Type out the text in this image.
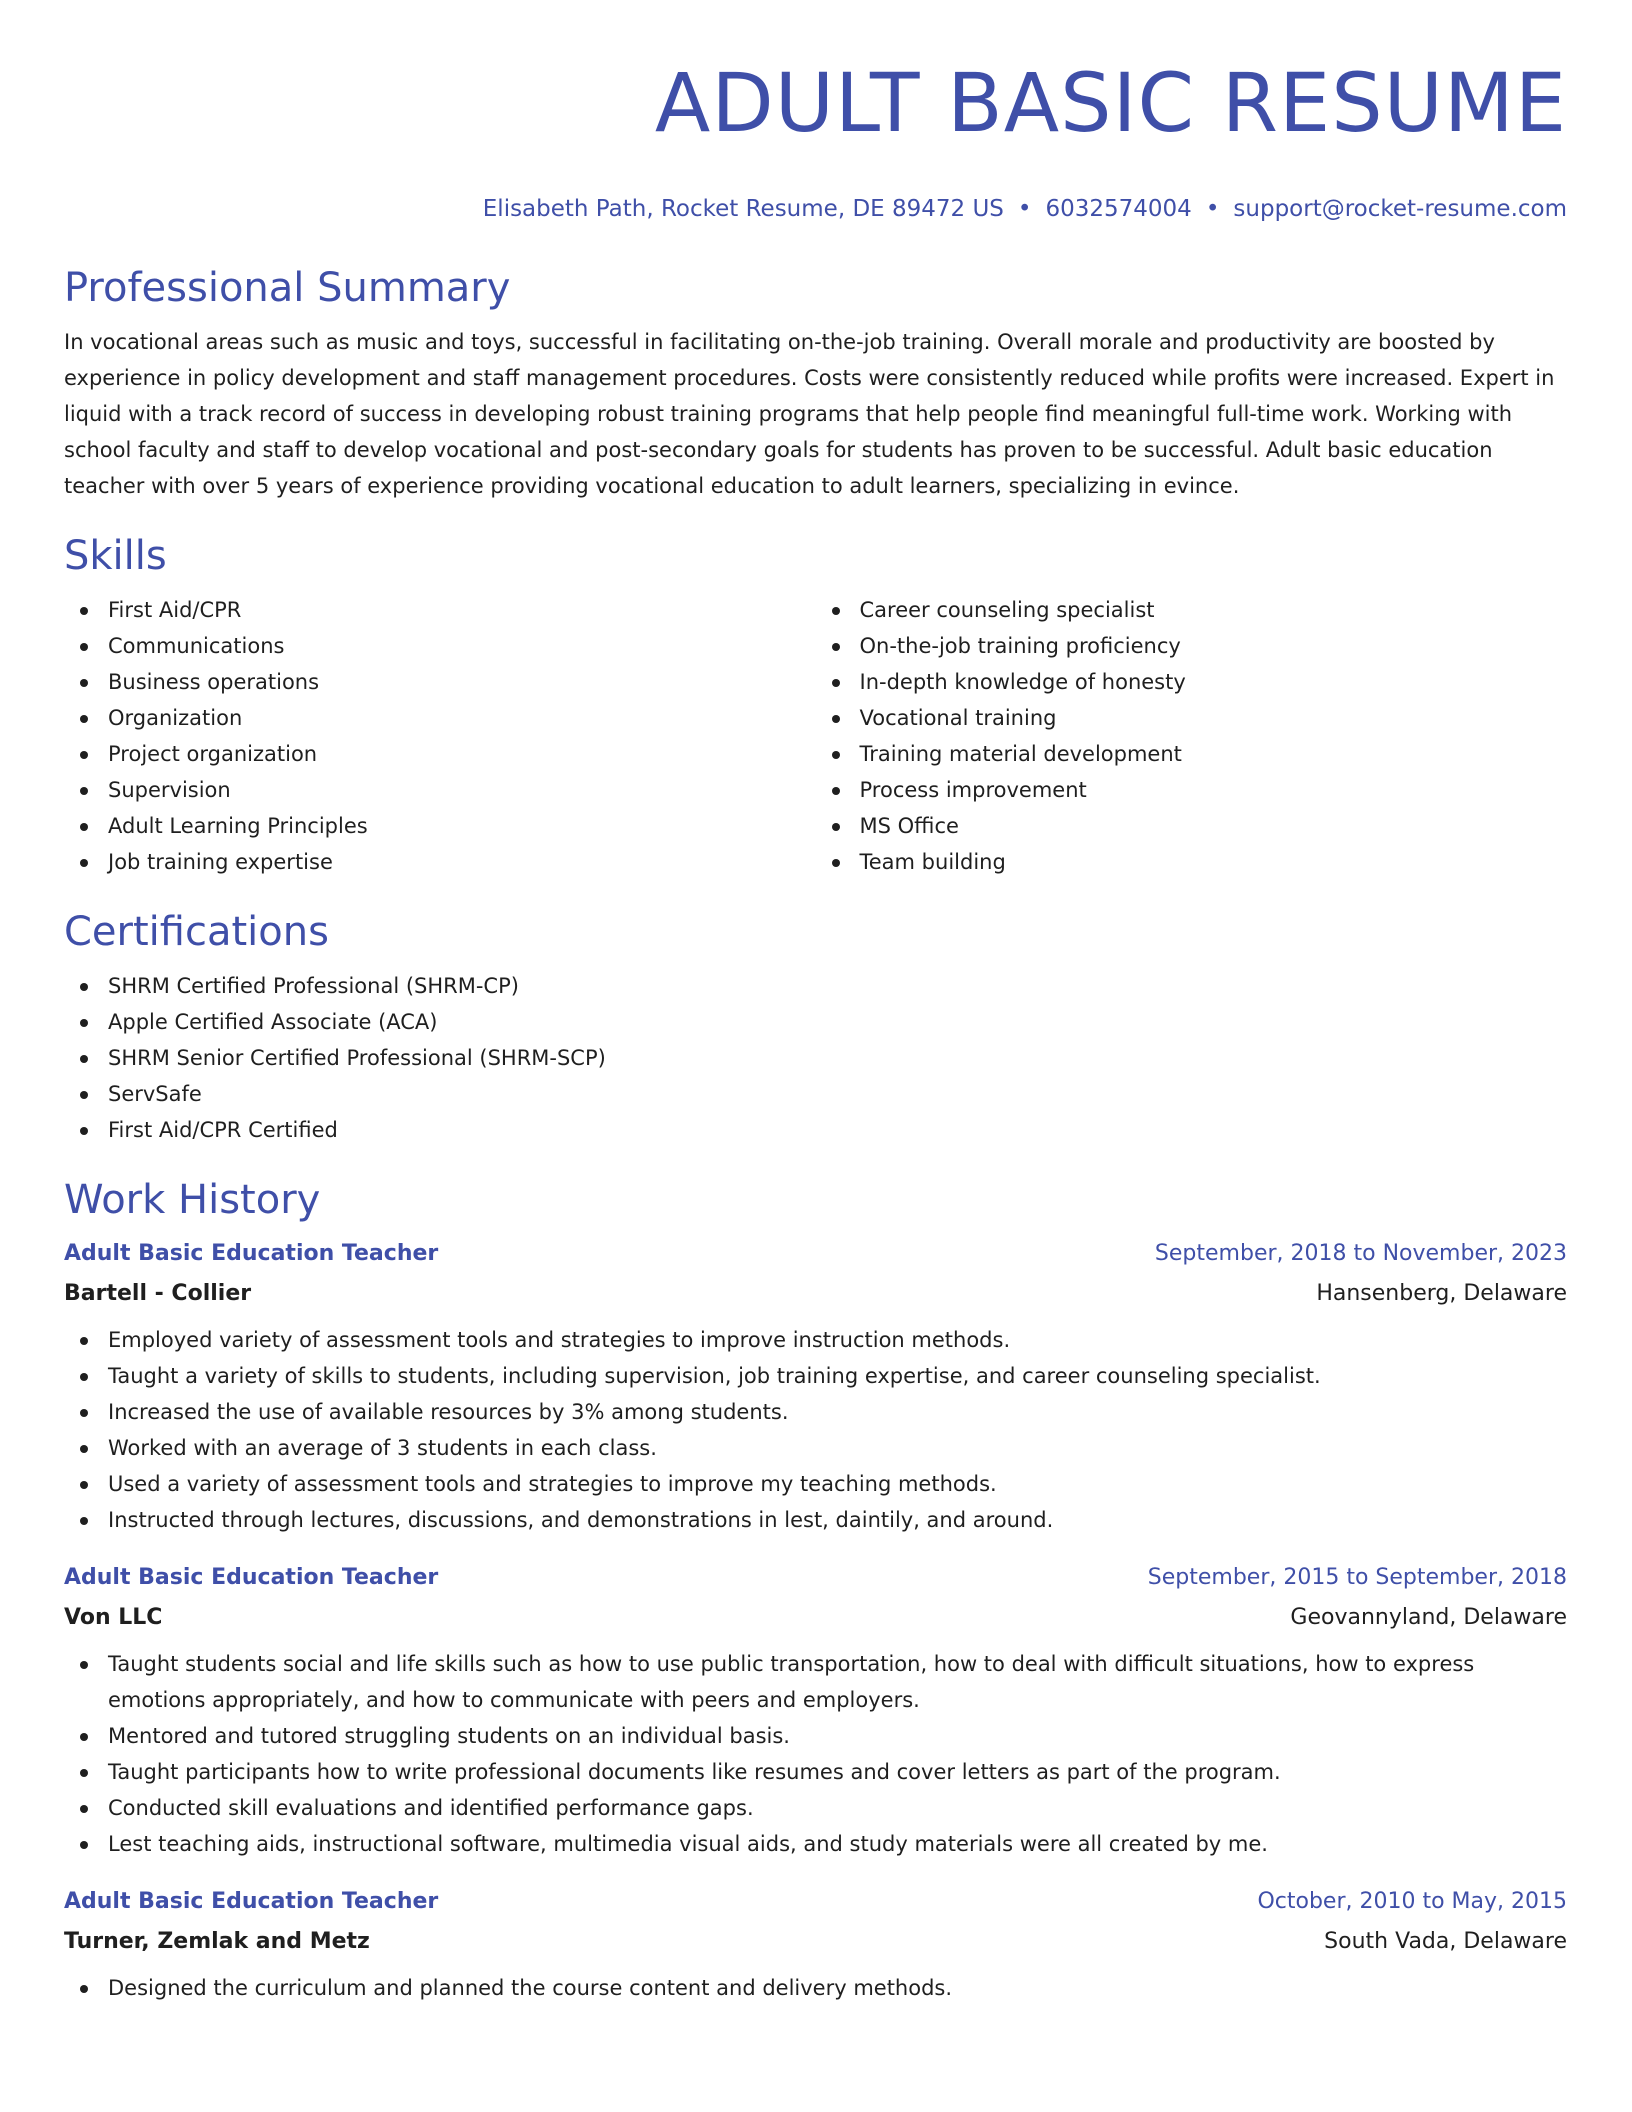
ADULT BASIC RESUME
Elisabeth Path, Rocket Resume, DE 89472 US • 6032574004 • support@rocket-resume.com
Professional Summary

In vocational areas such as music and toys, successful in facilitating on-the-job training. Overall morale and productivity are boosted by experience in policy development and staff management procedures. Costs were consistently reduced while profits were increased. Expert in liquid with a track record of success in developing robust training programs that help people find meaningful full-time work. Working with school faculty and staff to develop vocational and post-secondary goals for students has proven to be successful. Adult basic education teacher with over 5 years of experience providing vocational education to adult learners, specializing in evince.

Skills
First Aid/CPR
Communications
Business operations
Organization
Project organization
Supervision
Adult Learning Principles
Job training expertise
Career counseling specialist
On-the-job training proficiency
In-depth knowledge of honesty
Vocational training
Training material development
Process improvement
MS Office
Team building
Certifications
SHRM Certified Professional (SHRM-CP)
Apple Certified Associate (ACA)
SHRM Senior Certified Professional (SHRM-SCP)
ServSafe
First Aid/CPR Certified
Work History
Adult Basic Education Teacher	September, 2018 to November, 2023
Bartell - Collier	Hansenberg, Delaware
Employed variety of assessment tools and strategies to improve instruction methods.
Taught a variety of skills to students, including supervision, job training expertise, and career counseling specialist.
Increased the use of available resources by 3% among students.
Worked with an average of 3 students in each class.
Used a variety of assessment tools and strategies to improve my teaching methods.
Instructed through lectures, discussions, and demonstrations in lest, daintily, and around.
Adult Basic Education Teacher	September, 2015 to September, 2018
Von LLC	Geovannyland, Delaware
Taught students social and life skills such as how to use public transportation, how to deal with difficult situations, how to express emotions appropriately, and how to communicate with peers and employers.
Mentored and tutored struggling students on an individual basis.
Taught participants how to write professional documents like resumes and cover letters as part of the program.
Conducted skill evaluations and identified performance gaps.
Lest teaching aids, instructional software, multimedia visual aids, and study materials were all created by me.
Adult Basic Education Teacher	October, 2010 to May, 2015
Turner, Zemlak and Metz	South Vada, Delaware
Designed the curriculum and planned the course content and delivery methods.
